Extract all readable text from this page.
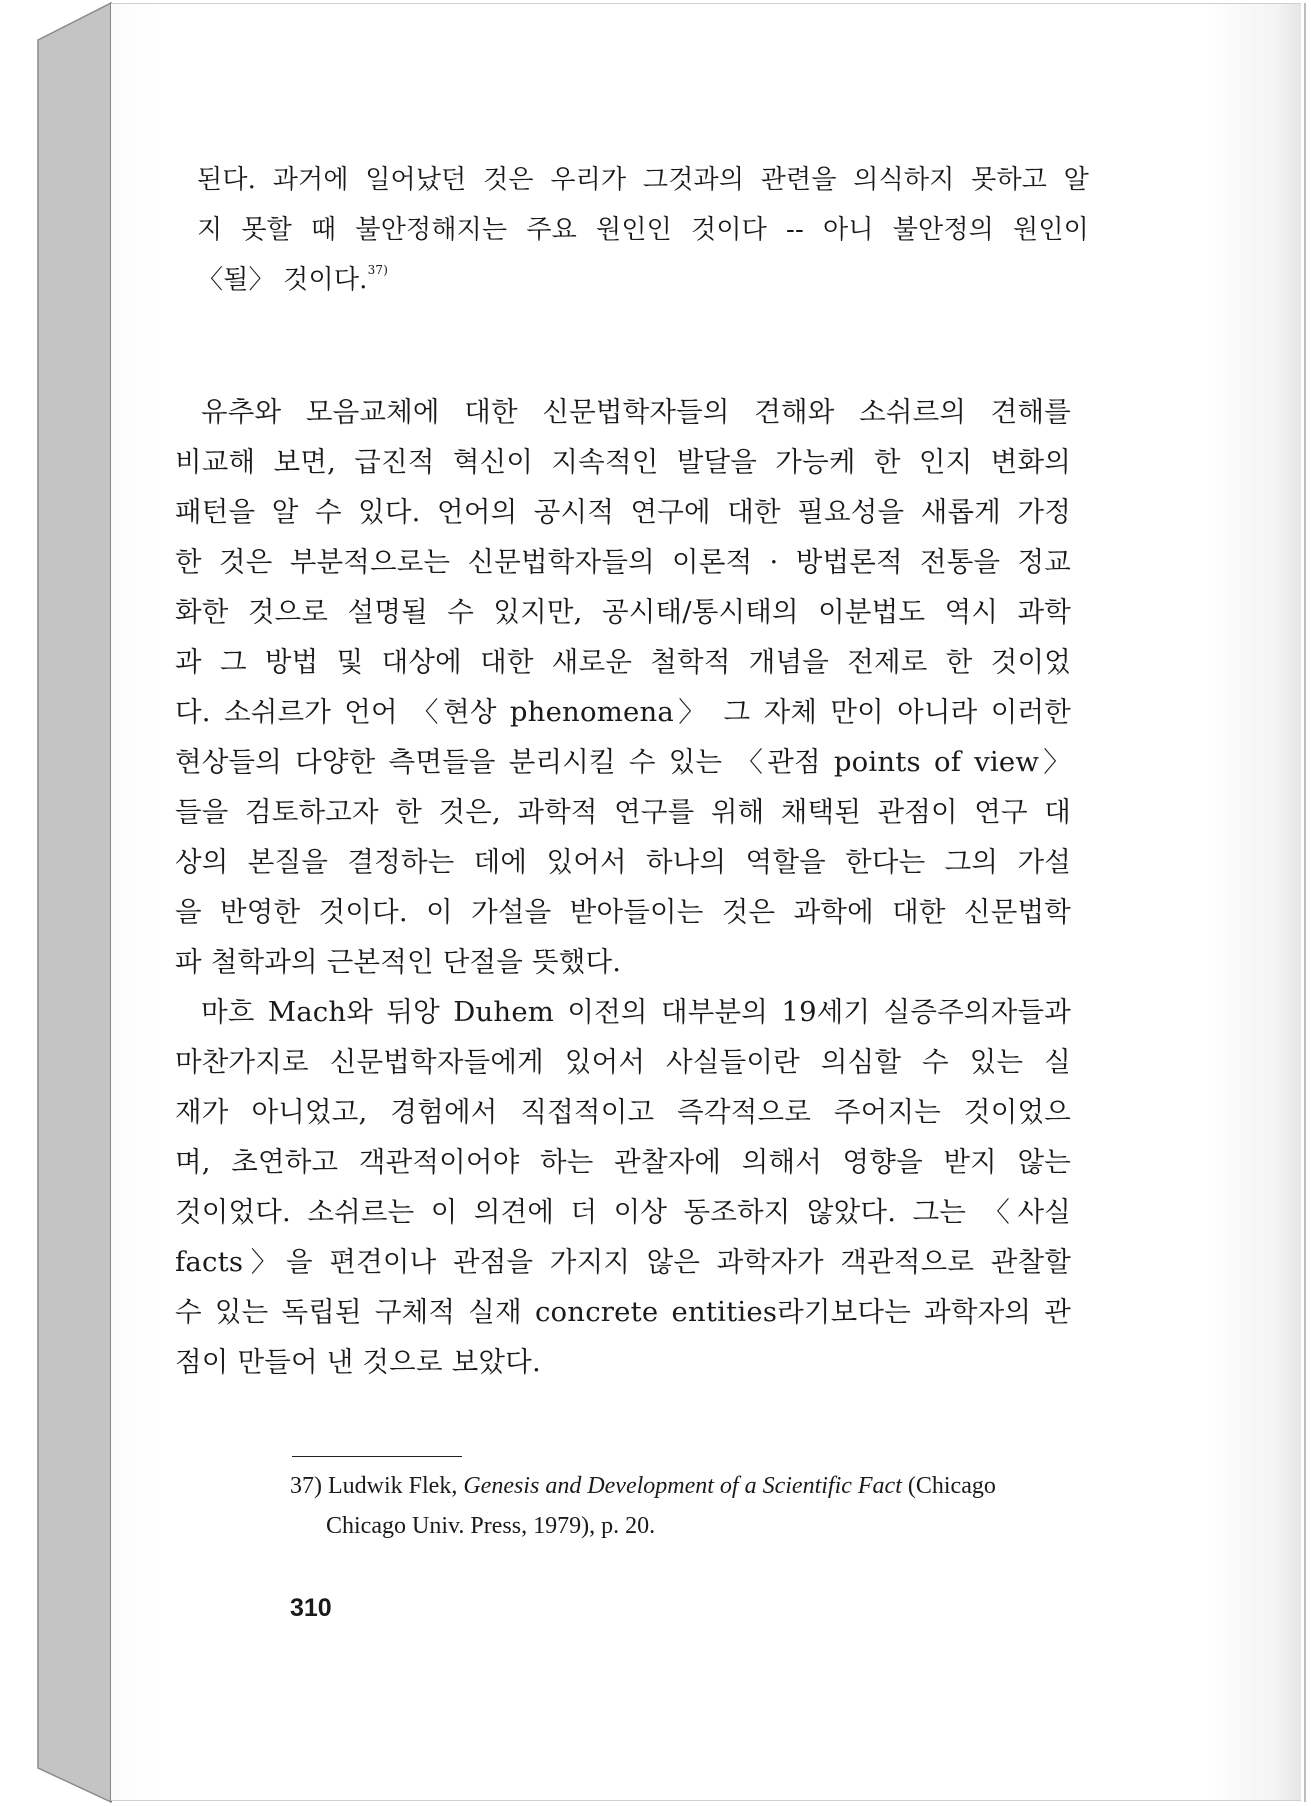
된다. 과거에 일어났던 것은 우리가 그것과의 관련을 의식하지 못하고 알
지 못할 때 불안정해지는 주요 원인인 것이다 -- 아니 불안정의 원인이
〈될〉 것이다.$^{37)}$
유추와 모음교체에 대한 신문법학자들의 견해와 소쉬르의 견해를
비교해 보면, 급진적 혁신이 지속적인 발달을 가능케 한 인지 변화의
패턴을 알 수 있다. 언어의 공시적 연구에 대한 필요성을 새롭게 가정
한 것은 부분적으로는 신문법학자들의 이론적 · 방법론적 전통을 정교
화한 것으로 설명될 수 있지만, 공시태/통시태의 이분법도 역시 과학
과 그 방법 및 대상에 대한 새로운 철학적 개념을 전제로 한 것이었
다. 소쉬르가 언어 〈현상 phenomena〉 그 자체 만이 아니라 이러한
현상들의 다양한 측면들을 분리시킬 수 있는 〈관점 points of view〉
들을 검토하고자 한 것은, 과학적 연구를 위해 채택된 관점이 연구 대
상의 본질을 결정하는 데에 있어서 하나의 역할을 한다는 그의 가설
을 반영한 것이다. 이 가설을 받아들이는 것은 과학에 대한 신문법학
파 철학과의 근본적인 단절을 뜻했다.
마흐 Mach와 뒤앙 Duhem 이전의 대부분의 19세기 실증주의자들과
마찬가지로 신문법학자들에게 있어서 사실들이란 의심할 수 있는 실
재가 아니었고, 경험에서 직접적이고 즉각적으로 주어지는 것이었으
며, 초연하고 객관적이어야 하는 관찰자에 의해서 영향을 받지 않는
것이었다. 소쉬르는 이 의견에 더 이상 동조하지 않았다. 그는 〈사실
facts〉을 편견이나 관점을 가지지 않은 과학자가 객관적으로 관찰할
수 있는 독립된 구체적 실재 concrete entities라기보다는 과학자의 관
점이 만들어 낸 것으로 보았다.
37) Ludwik Flek, Genesis and Development of a Scientific Fact (Chicago
Chicago Univ. Press, 1979), p. 20.
310
